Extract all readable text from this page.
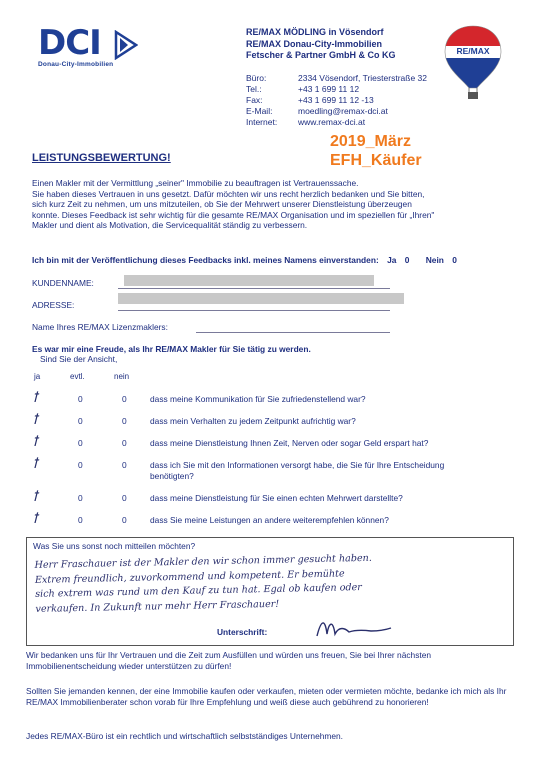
DCI
Donau-City-Immobilien
RE/MAX MÖDLING in Vösendorf
RE/MAX Donau-City-Immobilien
Fetscher & Partner GmbH & Co KG
Büro:	2334 Vösendorf, Triesterstraße 32
Tel.:	+43 1 699 11 12
Fax:	+43 1 699 11 12 -13
E-Mail:	moedling@remax-dci.at
Internet:	www.remax-dci.at
RE/MAX
2019_März
EFH_Käufer
LEISTUNGSBEWERTUNG!
Einen Makler mit der Vermittlung „seiner" Immobilie zu beauftragen ist Vertrauenssache.
Sie haben dieses Vertrauen in uns gesetzt. Dafür möchten wir uns recht herzlich bedanken und Sie bitten,
sich kurz Zeit zu nehmen, um uns mitzuteilen, ob Sie der Mehrwert unserer Dienstleistung überzeugen
konnte. Dieses Feedback ist sehr wichtig für die gesamte RE/MAX Organisation und im speziellen für „Ihren"
Makler und dient als Motivation, die Servicequalität ständig zu verbessern.
Ich bin mit der Veröffentlichung dieses Feedbacks inkl. meines Namens einverstanden: Ja 0 Nein 0
KUNDENNAME:
ADRESSE:
Name Ihres RE/MAX Lizenzmaklers:
Es war mir eine Freude, als Ihr RE/MAX Makler für Sie tätig zu werden.
Sind Sie der Ansicht,
ja	evtl.	nein
ꝉ	0	0	dass meine Kommunikation für Sie zufriedenstellend war?
ꝉ	0	0	dass mein Verhalten zu jedem Zeitpunkt aufrichtig war?
ꝉ	0	0	dass meine Dienstleistung Ihnen Zeit, Nerven oder sogar Geld erspart hat?
ꝉ	0	0	dass ich Sie mit den Informationen versorgt habe, die Sie für Ihre Entscheidung benötigten?
ꝉ	0	0	dass meine Dienstleistung für Sie einen echten Mehrwert darstellte?
ꝉ	0	0	dass Sie meine Leistungen an andere weiterempfehlen können?
Was Sie uns sonst noch mitteilen möchten?
Herr Fraschauer ist der Makler den wir schon immer gesucht haben.
Extrem freundlich, zuvorkommend und kompetent. Er bemühte
sich extrem was rund um den Kauf zu tun hat. Egal ob kaufen oder
verkaufen. In Zukunft nur mehr Herr Fraschauer!
Unterschrift:
Wir bedanken uns für Ihr Vertrauen und die Zeit zum Ausfüllen und würden uns freuen, Sie bei Ihrer nächsten Immobilienentscheidung wieder unterstützen zu dürfen!
Sollten Sie jemanden kennen, der eine Immobilie kaufen oder verkaufen, mieten oder vermieten möchte, bedanke ich mich als Ihr RE/MAX Immobilienberater schon vorab für Ihre Empfehlung und weiß diese auch gebührend zu honorieren!
Jedes RE/MAX-Büro ist ein rechtlich und wirtschaftlich selbstständiges Unternehmen.
